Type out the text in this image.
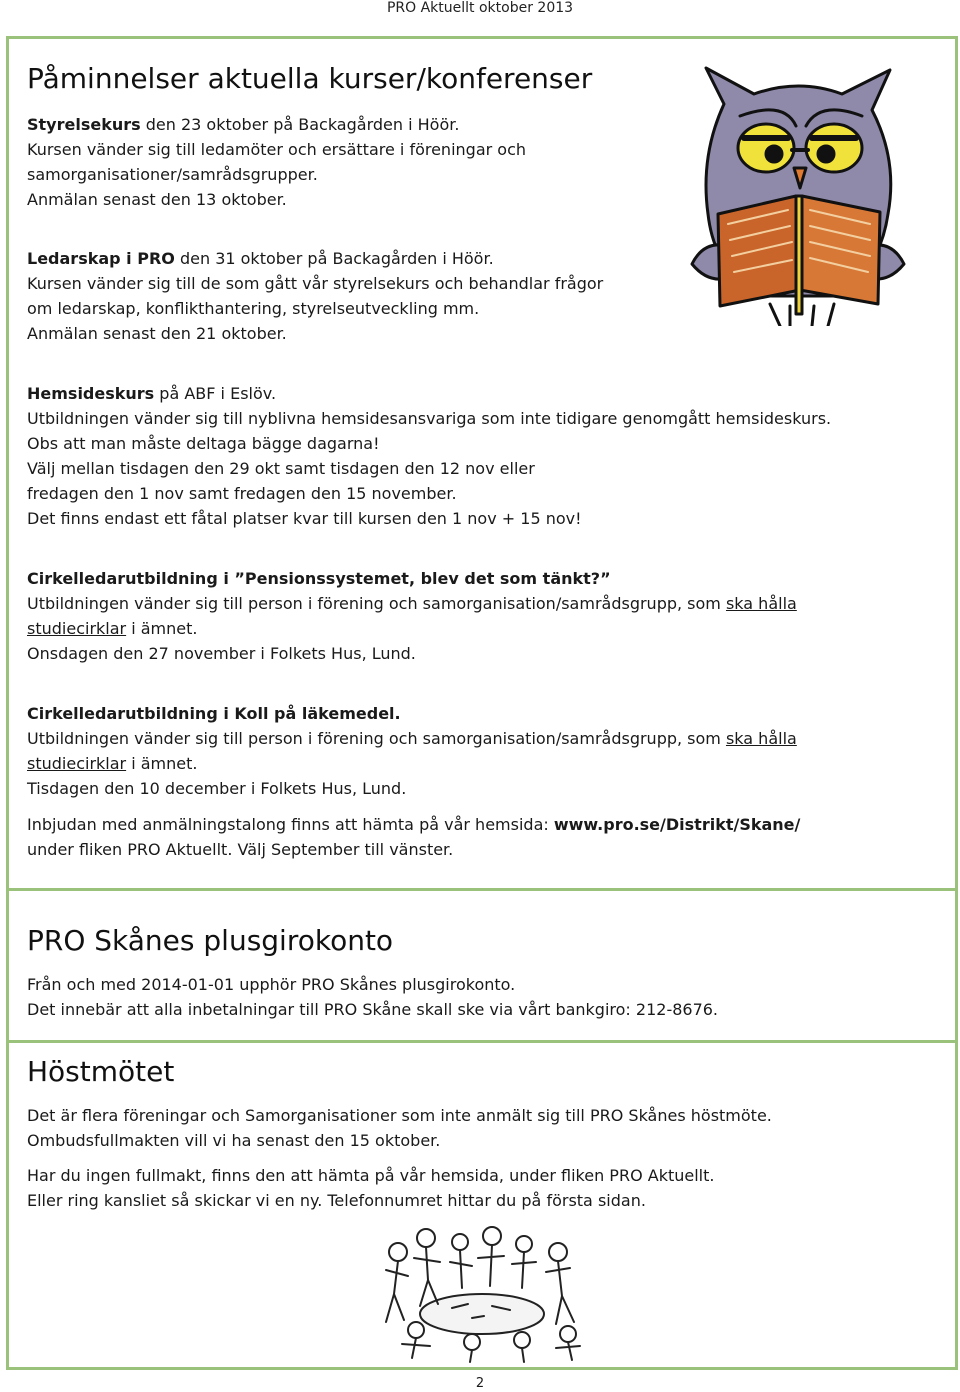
PRO Aktuellt oktober 2013
Påminnelser aktuella kurser/konferenser
Styrelsekurs den 23 oktober på Backagården i Höör.
Kursen vänder sig till ledamöter och ersättare i föreningar och
samorganisationer/samrådsgrupper.
Anmälan senast den 13 oktober.
Ledarskap i PRO den 31 oktober på Backagården i Höör.
Kursen vänder sig till de som gått vår styrelsekurs och behandlar frågor
om ledarskap, konflikthantering, styrelseutveckling mm.
Anmälan senast den 21 oktober.
Hemsideskurs på ABF i Eslöv.
Utbildningen vänder sig till nyblivna hemsidesansvariga som inte tidigare genomgått hemsideskurs.
Obs att man måste deltaga bägge dagarna!
Välj mellan tisdagen den 29 okt samt tisdagen den 12 nov eller
fredagen den 1 nov samt fredagen den 15 november.
Det finns endast ett fåtal platser kvar till kursen den 1 nov + 15 nov!
Cirkelledarutbildning i ”Pensionssystemet, blev det som tänkt?”
Utbildningen vänder sig till person i förening och samorganisation/samrådsgrupp, som ska hålla
studiecirklar i ämnet.
Onsdagen den 27 november i Folkets Hus, Lund.
Cirkelledarutbildning i Koll på läkemedel.
Utbildningen vänder sig till person i förening och samorganisation/samrådsgrupp, som ska hålla
studiecirklar i ämnet.
Tisdagen den 10 december i Folkets Hus, Lund.
Inbjudan med anmälningstalong finns att hämta på vår hemsida: www.pro.se/Distrikt/Skane/
under fliken PRO Aktuellt. Välj September till vänster.
PRO Skånes plusgirokonto
Från och med 2014-01-01 upphör PRO Skånes plusgirokonto.
Det innebär att alla inbetalningar till PRO Skåne skall ske via vårt bankgiro: 212-8676.
Höstmötet
Det är flera föreningar och Samorganisationer som inte anmält sig till PRO Skånes höstmöte.
Ombudsfullmakten vill vi ha senast den 15 oktober.
Har du ingen fullmakt, finns den att hämta på vår hemsida, under fliken PRO Aktuellt.
Eller ring kansliet så skickar vi en ny. Telefonnumret hittar du på första sidan.
2
